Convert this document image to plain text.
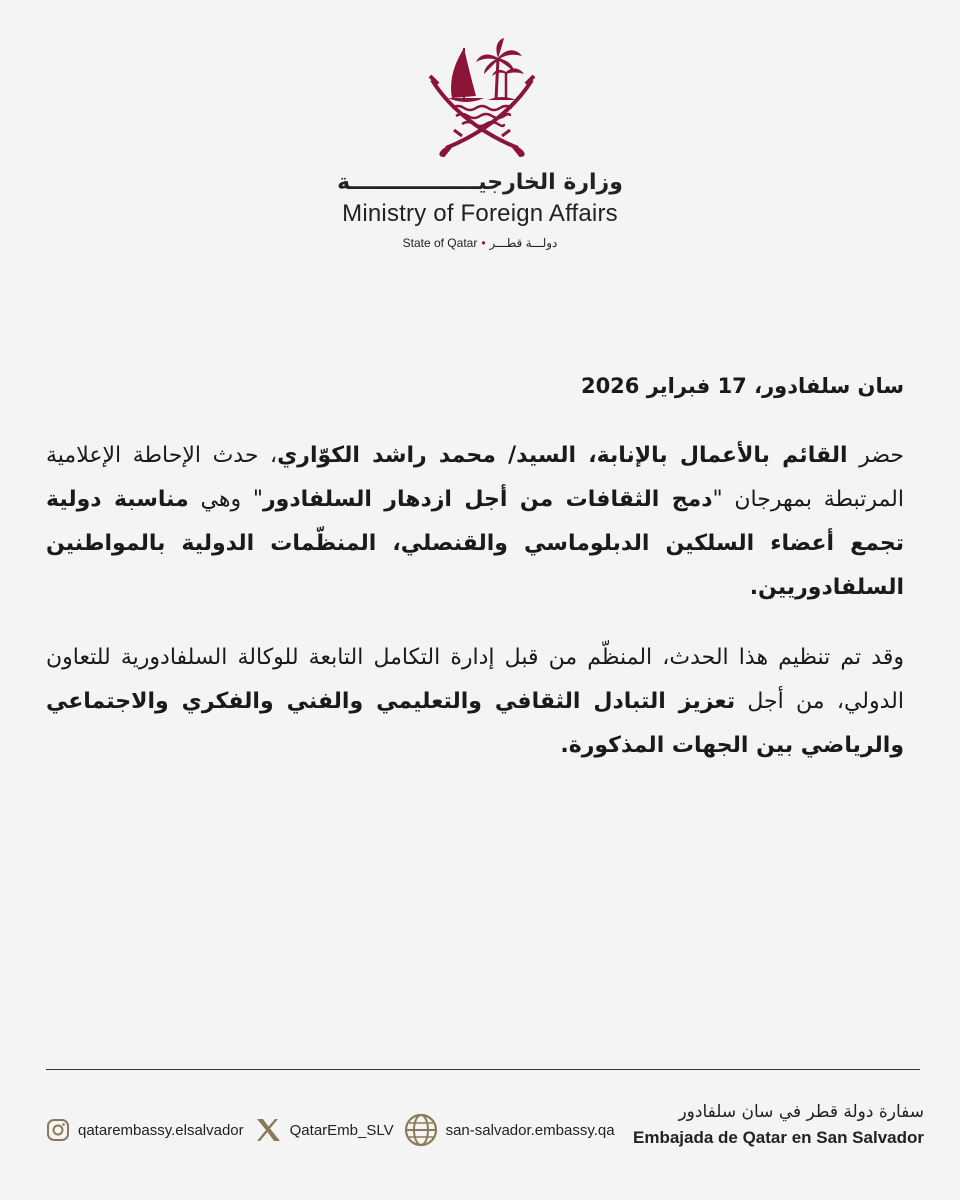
وزارة الخارجيـــــــــــــــــة
Ministry of Foreign Affairs
State of Qatar • دولـــة قطـــر

سان سلفادور، 17 فبراير 2026

حضر القائم بالأعمال بالإنابة، السيد/ محمد راشد الكوّاري، حدث الإحاطة الإعلامية المرتبطة بمهرجان "دمج الثقافات من أجل ازدهار السلفادور" وهي مناسبة دولية تجمع أعضاء السلكين الدبلوماسي والقنصلي، المنظّمات الدولية بالمواطنين السلفادوريين.

وقد تم تنظيم هذا الحدث، المنظّم من قبل إدارة التكامل التابعة للوكالة السلفادورية للتعاون الدولي، من أجل تعزيز التبادل الثقافي والتعليمي والفني والفكري والاجتماعي والرياضي بين الجهات المذكورة.

qatarembassy.elsalvador	QatarEmb_SLV	san-salvador.embassy.qa
سفارة دولة قطر في سان سلفادور
Embajada de Qatar en San Salvador
